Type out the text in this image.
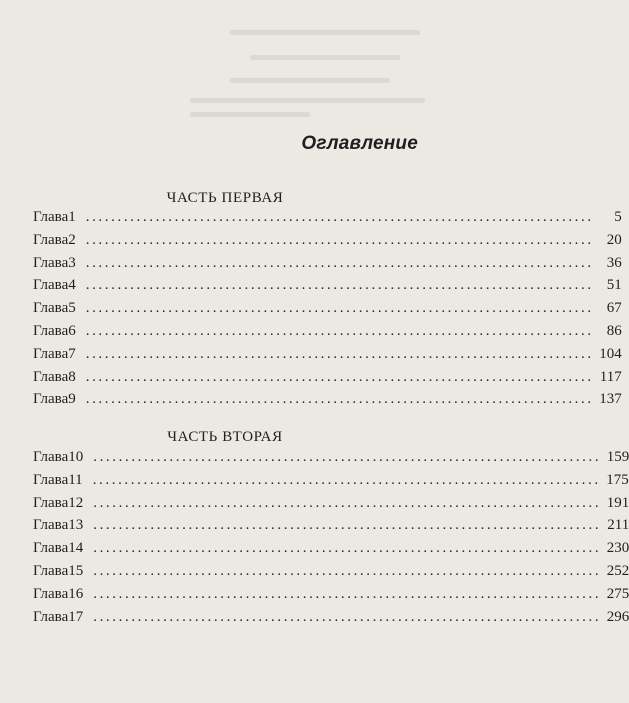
Оглавление
ЧАСТЬ ПЕРВАЯ
Глава 1 ................................................................................	5
Глава 2 ................................................................................ 20
Глава 3 ................................................................................ 36
Глава 4 ................................................................................ 51
Глава 5 ................................................................................ 67
Глава 6 ................................................................................ 86
Глава 7 ................................................................................ 104
Глава 8 ................................................................................ 117
Глава 9 ................................................................................ 137
ЧАСТЬ ВТОРАЯ
Глава 10 ................................................................................ 159
Глава 11 ................................................................................ 175
Глава 12 ................................................................................ 191
Глава 13 ................................................................................ 211
Глава 14 ................................................................................ 230
Глава 15 ................................................................................ 252
Глава 16 ................................................................................ 275
Глава 17 ................................................................................ 296
